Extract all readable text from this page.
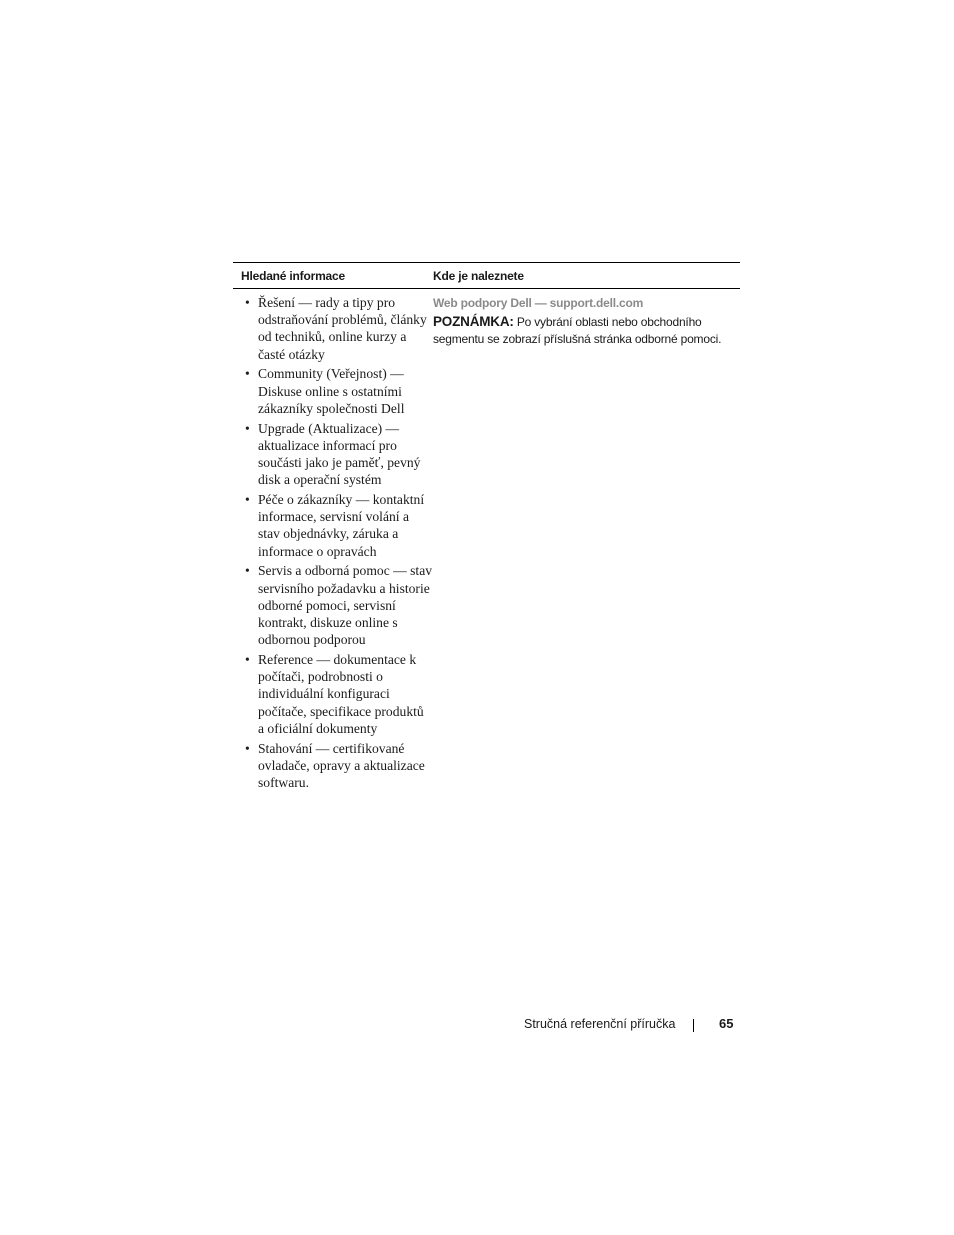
Hledané informace	Kde je naleznete
• Řešení — rady a tipy pro odstraňování problémů, články od techniků, online kurzy a časté otázky
• Community (Veřejnost) — Diskuse online s ostatními zákazníky společnosti Dell
• Upgrade (Aktualizace) — aktualizace informací pro součásti jako je paměť, pevný disk a operační systém
• Péče o zákazníky — kontaktní informace, servisní volání a stav objednávky, záruka a informace o opravách
• Servis a odborná pomoc — stav servisního požadavku a historie odborné pomoci, servisní kontrakt, diskuze online s odbornou podporou
• Reference — dokumentace k počítači, podrobnosti o individuální konfiguraci počítače, specifikace produktů a oficiální dokumenty
• Stahování — certifikované ovladače, opravy a aktualizace softwaru.
Web podpory Dell — support.dell.com
POZNÁMKA: Po vybrání oblasti nebo obchodního segmentu se zobrazí příslušná stránka odborné pomoci.
Stručná referenční příručka	65
